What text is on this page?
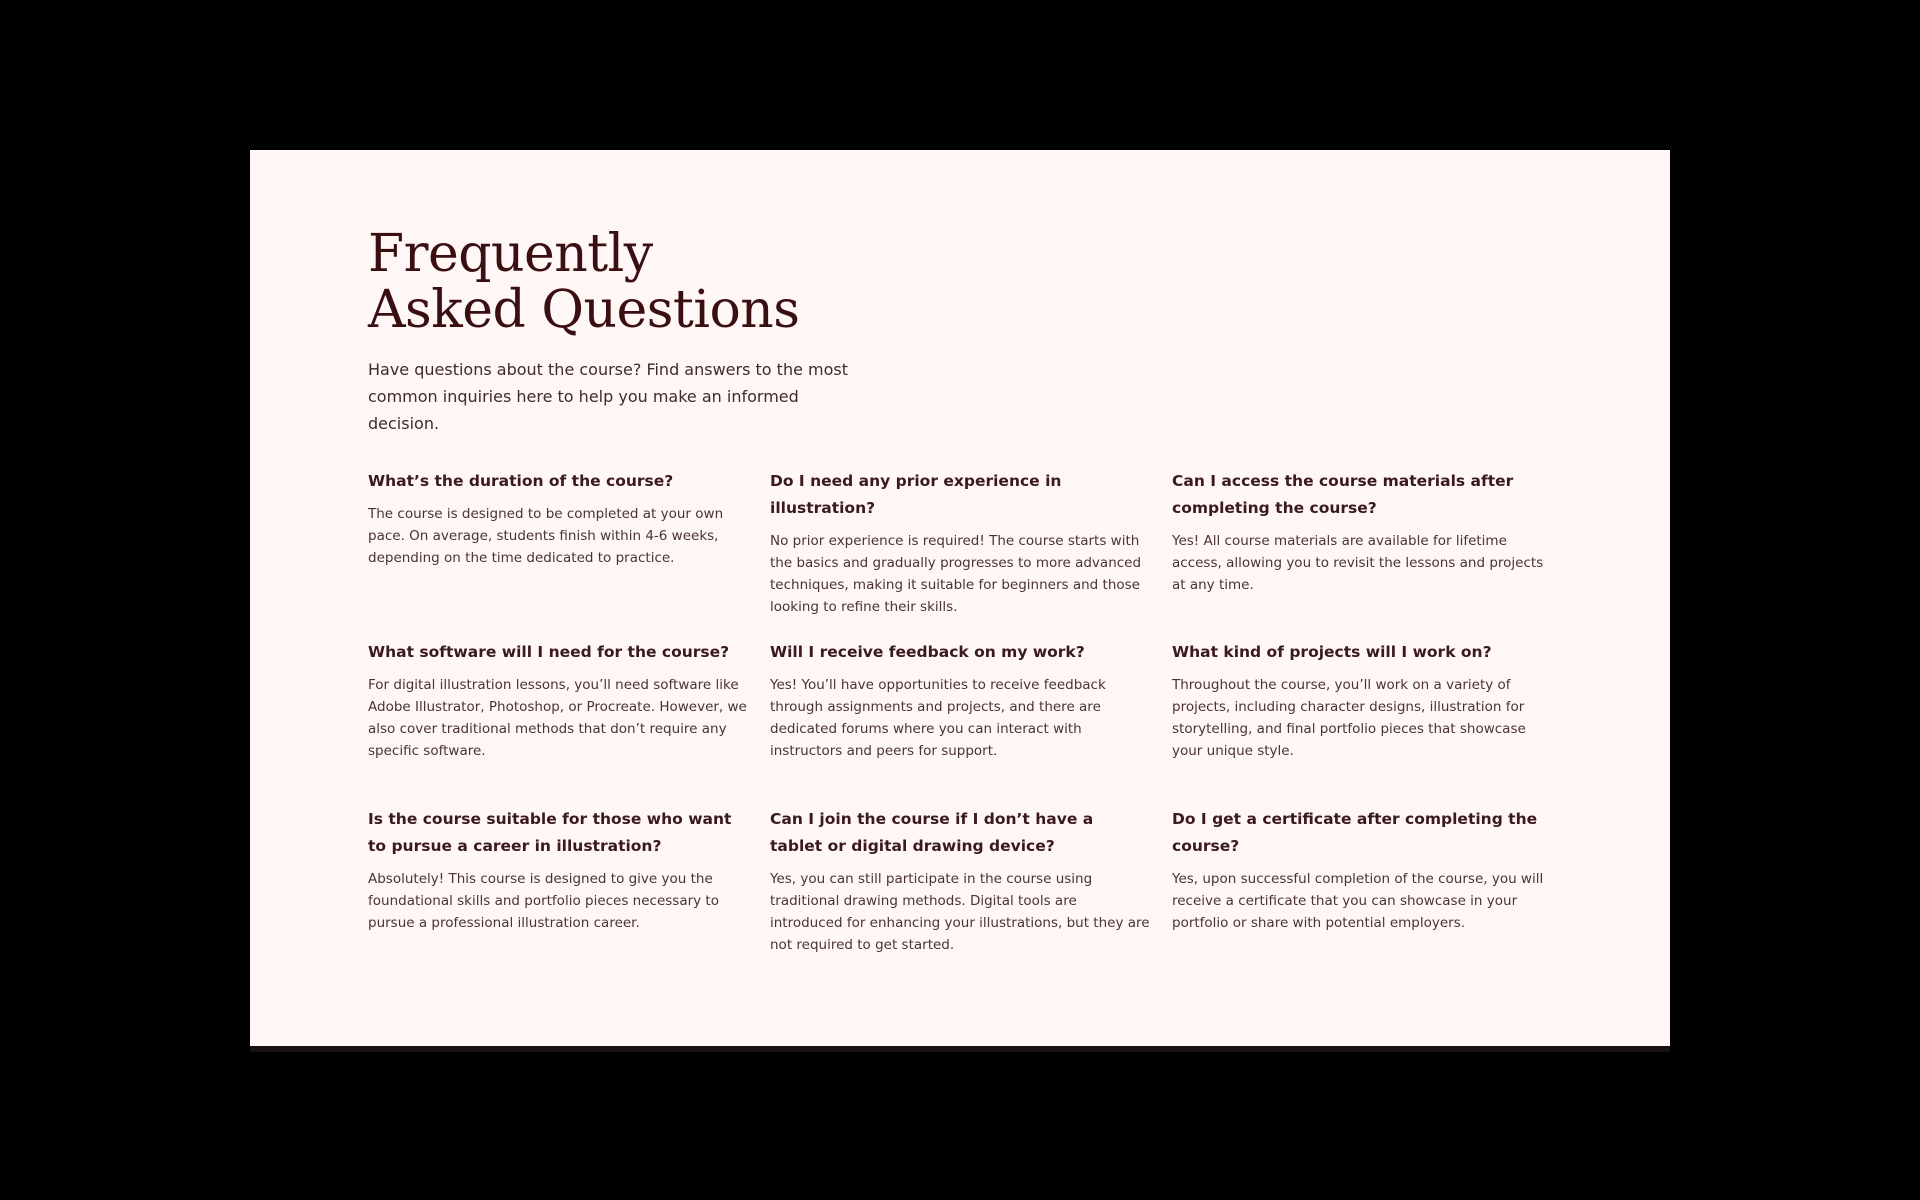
Frequently
Asked Questions

Have questions about the course? Find answers to the most common inquiries here to help you make an informed decision.

What’s the duration of the course?

The course is designed to be completed at your own pace. On average, students finish within 4-6 weeks, depending on the time dedicated to practice.

Do I need any prior experience in illustration?

No prior experience is required! The course starts with the basics and gradually progresses to more advanced techniques, making it suitable for beginners and those looking to refine their skills.

Can I access the course materials after completing the course?

Yes! All course materials are available for lifetime access, allowing you to revisit the lessons and projects at any time.

What software will I need for the course?

For digital illustration lessons, you’ll need software like Adobe Illustrator, Photoshop, or Procreate. However, we also cover traditional methods that don’t require any specific software.

Will I receive feedback on my work?

Yes! You’ll have opportunities to receive feedback through assignments and projects, and there are dedicated forums where you can interact with instructors and peers for support.

What kind of projects will I work on?

Throughout the course, you’ll work on a variety of projects, including character designs, illustration for storytelling, and final portfolio pieces that showcase your unique style.

Is the course suitable for those who want to pursue a career in illustration?

Absolutely! This course is designed to give you the foundational skills and portfolio pieces necessary to pursue a professional illustration career.

Can I join the course if I don’t have a tablet or digital drawing device?

Yes, you can still participate in the course using traditional drawing methods. Digital tools are introduced for enhancing your illustrations, but they are not required to get started.

Do I get a certificate after completing the course?

Yes, upon successful completion of the course, you will receive a certificate that you can showcase in your portfolio or share with potential employers.
